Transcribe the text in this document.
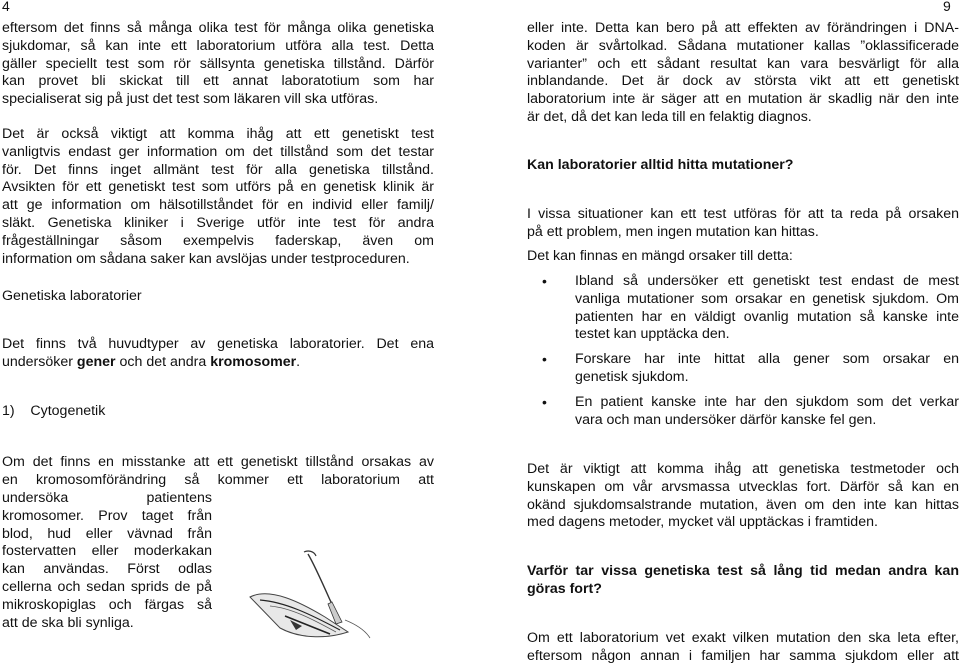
4
eftersom det finns så många olika test för många olika genetiska
sjukdomar, så kan inte ett laboratorium utföra alla test. Detta
gäller speciellt test som rör sällsynta genetiska tillstånd. Därför
kan provet bli skickat till ett annat laboratotium som har
specialiserat sig på just det test som läkaren vill ska utföras.
Det är också viktigt att komma ihåg att ett genetiskt test
vanligtvis endast ger information om det tillstånd som det testar
för. Det finns inget allmänt test för alla genetiska tillstånd.
Avsikten för ett genetiskt test som utförs på en genetisk klinik är
att ge information om hälsotillståndet för en individ eller familj/
släkt. Genetiska kliniker i Sverige utför inte test för andra
frågeställningar såsom exempelvis faderskap, även om
information om sådana saker kan avslöjas under testproceduren.
Genetiska laboratorier
Det finns två huvudtyper av genetiska laboratorier. Det ena
undersöker gener och det andra kromosomer.
1)    Cytogenetik
Om det finns en misstanke att ett genetiskt tillstånd orsakas av
en kromosomförändring så kommer ett laboratorium att
undersöka            patientens
kromosomer. Prov taget från
blod, hud eller vävnad från
fostervatten eller moderkakan
kan användas. Först odlas
cellerna och sedan sprids de på
mikroskopiglas och färgas så
att de ska bli synliga.
9
eller inte. Detta kan bero på att effekten av förändringen i DNA-
koden är svårtolkad. Sådana mutationer kallas ”oklassificerade
varianter” och ett sådant resultat kan vara besvärligt för alla
inblandande. Det är dock av största vikt att ett genetiskt
laboratorium inte är säger att en mutation är skadlig när den inte
är det, då det kan leda till en felaktig diagnos.
Kan laboratorier alltid hitta mutationer?
I vissa situationer kan ett test utföras för att ta reda på orsaken
på ett problem, men ingen mutation kan hittas.
Det kan finnas en mängd orsaker till detta:
• Ibland så undersöker ett genetiskt test endast de mest
vanliga mutationer som orsakar en genetisk sjukdom. Om
patienten har en väldigt ovanlig mutation så kanske inte
testet kan upptäcka den.
• Forskare har inte hittat alla gener som orsakar en
genetisk sjukdom.
• En patient kanske inte har den sjukdom som det verkar
vara och man undersöker därför kanske fel gen.
Det är viktigt att komma ihåg att genetiska testmetoder och
kunskapen om vår arvsmassa utvecklas fort. Därför så kan en
okänd sjukdomsalstrande mutation, även om den inte kan hittas
med dagens metoder, mycket väl upptäckas i framtiden.
Varför tar vissa genetiska test så lång tid medan andra kan
göras fort?
Om ett laboratorium vet exakt vilken mutation den ska leta efter,
eftersom någon annan i familjen har samma sjukdom eller att
